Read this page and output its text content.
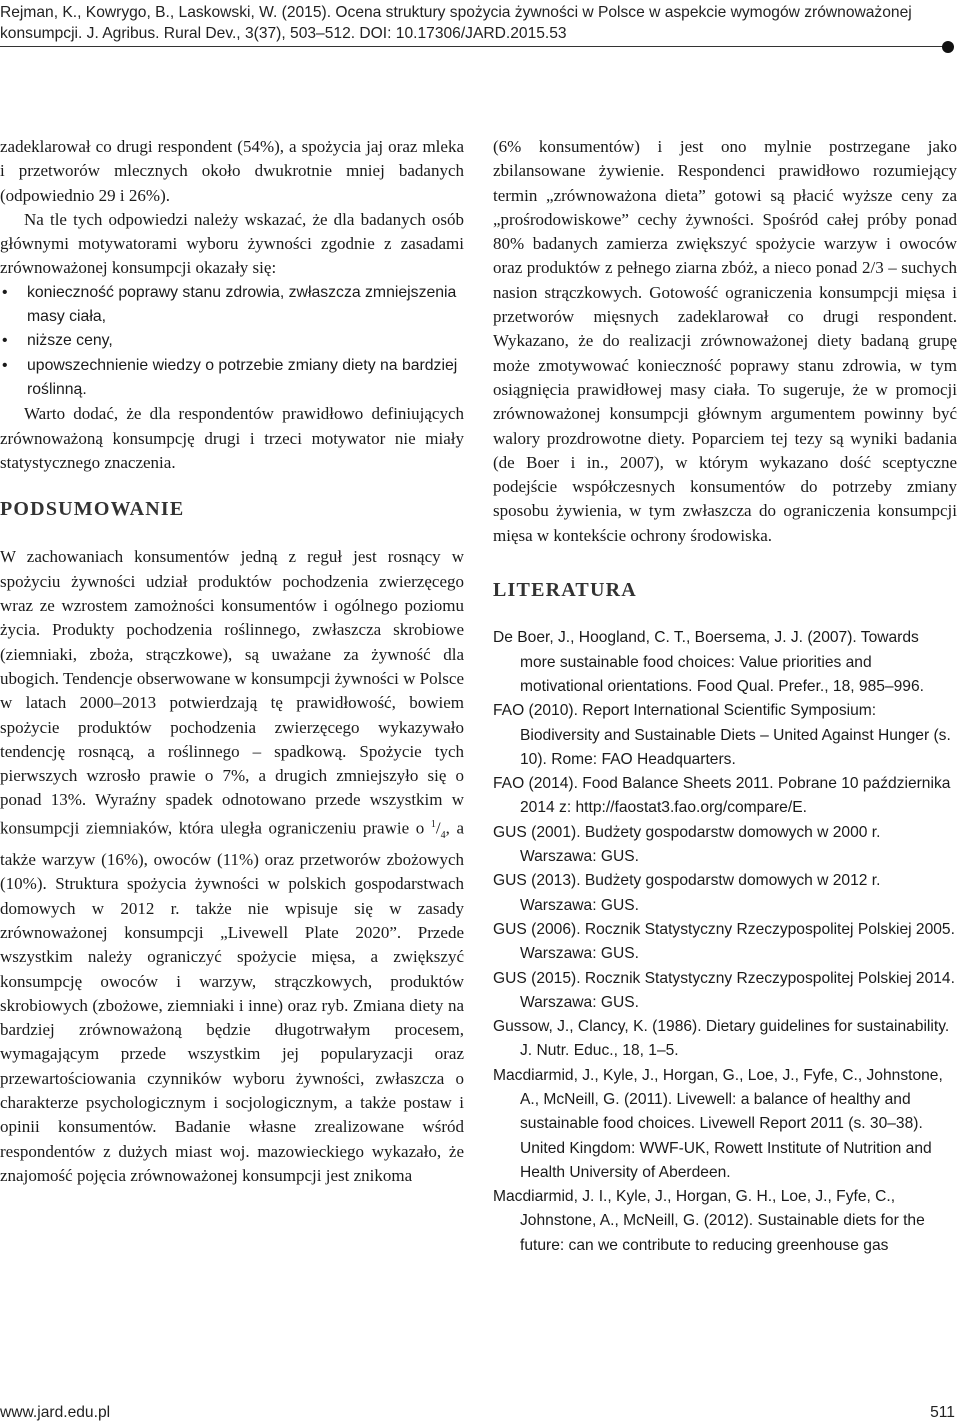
Rejman, K., Kowrygo, B., Laskowski, W. (2015). Ocena struktury spożycia żywności w Polsce w aspekcie wymogów zrównoważonej
konsumpcji. J. Agribus. Rural Dev., 3(37), 503–512. DOI: 10.17306/JARD.2015.53

zadeklarował co drugi respondent (54%), a spożycia jaj oraz mleka i przetworów mlecznych około dwukrotnie mniej badanych (odpowiednio 29 i 26%).

Na tle tych odpowiedzi należy wskazać, że dla badanych osób głównymi motywatorami wyboru żywności zgodnie z zasadami zrównoważonej konsumpcji okazały się:

• konieczność poprawy stanu zdrowia, zwłaszcza zmniejszenia masy ciała,
• niższe ceny,
• upowszechnienie wiedzy o potrzebie zmiany diety na bardziej roślinną.

Warto dodać, że dla respondentów prawidłowo definiujących zrównoważoną konsumpcję drugi i trzeci motywator nie miały statystycznego znaczenia.

PODSUMOWANIE

W zachowaniach konsumentów jedną z reguł jest rosnący w spożyciu żywności udział produktów pochodzenia zwierzęcego wraz ze wzrostem zamożności konsumentów i ogólnego poziomu życia. Produkty pochodzenia roślinnego, zwłaszcza skrobiowe (ziemniaki, zboża, strączkowe), są uważane za żywność dla ubogich. Tendencje obserwowane w konsumpcji żywności w Polsce w latach 2000–2013 potwierdzają tę prawidłowość, bowiem spożycie produktów pochodzenia zwierzęcego wykazywało tendencję rosnącą, a roślinnego – spadkową. Spożycie tych pierwszych wzrosło prawie o 7%, a drugich zmniejszyło się o ponad 13%. Wyraźny spadek odnotowano przede wszystkim w konsumpcji ziemniaków, która uległa ograniczeniu prawie o $^1/_4$, a także warzyw (16%), owoców (11%) oraz przetworów zbożowych (10%). Struktura spożycia żywności w polskich gospodarstwach domowych w 2012 r. także nie wpisuje się w zasady zrównoważonej konsumpcji „Livewell Plate 2020”. Przede wszystkim należy ograniczyć spożycie mięsa, a zwiększyć konsumpcję owoców i warzyw, strączkowych, produktów skrobiowych (zbożowe, ziemniaki i inne) oraz ryb. Zmiana diety na bardziej zrównoważoną będzie długotrwałym procesem, wymagającym przede wszystkim jej popularyzacji oraz przewartościowania czynników wyboru żywności, zwłaszcza o charakterze psychologicznym i socjologicznym, a także postaw i opinii konsumentów. Badanie własne zrealizowane wśród respondentów z dużych miast woj. mazowieckiego wykazało, że znajomość pojęcia zrównoważonej konsumpcji jest znikoma

(6% konsumentów) i jest ono mylnie postrzegane jako zbilansowane żywienie. Respondenci prawidłowo rozumiejący termin „zrównoważona dieta” gotowi są płacić wyższe ceny za „prośrodowiskowe” cechy żywności. Spośród całej próby ponad 80% badanych zamierza zwiększyć spożycie warzyw i owoców oraz produktów z pełnego ziarna zbóż, a nieco ponad 2/3 – suchych nasion strączkowych. Gotowość ograniczenia konsumpcji mięsa i przetworów mięsnych zadeklarował co drugi respondent. Wykazano, że do realizacji zrównoważonej diety badaną grupę może zmotywować konieczność poprawy stanu zdrowia, w tym osiągnięcia prawidłowej masy ciała. To sugeruje, że w promocji zrównoważonej konsumpcji głównym argumentem powinny być walory prozdrowotne diety. Poparciem tej tezy są wyniki badania (de Boer i in., 2007), w którym wykazano dość sceptyczne podejście współczesnych konsumentów do potrzeby zmiany sposobu żywienia, w tym zwłaszcza do ograniczenia konsumpcji mięsa w kontekście ochrony środowiska.

LITERATURA
De Boer, J., Hoogland, C. T., Boersema, J. J. (2007). Towards more sustainable food choices: Value priorities and motivational orientations. Food Qual. Prefer., 18, 985–996.
FAO (2010). Report International Scientific Symposium: Biodiversity and Sustainable Diets – United Against Hunger (s. 10). Rome: FAO Headquarters.
FAO (2014). Food Balance Sheets 2011. Pobrane 10 października 2014 z: http://faostat3.fao.org/compare/E.
GUS (2001). Budżety gospodarstw domowych w 2000 r. Warszawa: GUS.
GUS (2013). Budżety gospodarstw domowych w 2012 r. Warszawa: GUS.
GUS (2006). Rocznik Statystyczny Rzeczypospolitej Polskiej 2005. Warszawa: GUS.
GUS (2015). Rocznik Statystyczny Rzeczypospolitej Polskiej 2014. Warszawa: GUS.
Gussow, J., Clancy, K. (1986). Dietary guidelines for sustainability. J. Nutr. Educ., 18, 1–5.
Macdiarmid, J., Kyle, J., Horgan, G., Loe, J., Fyfe, C., Johnstone, A., McNeill, G. (2011). Livewell: a balance of healthy and sustainable food choices. Livewell Report 2011 (s. 30–38). United Kingdom: WWF-UK, Rowett Institute of Nutrition and Health University of Aberdeen.
Macdiarmid, J. I., Kyle, J., Horgan, G. H., Loe, J., Fyfe, C., Johnstone, A., McNeill, G. (2012). Sustainable diets for the future: can we contribute to reducing greenhouse gas
www.jard.edu.pl	511
